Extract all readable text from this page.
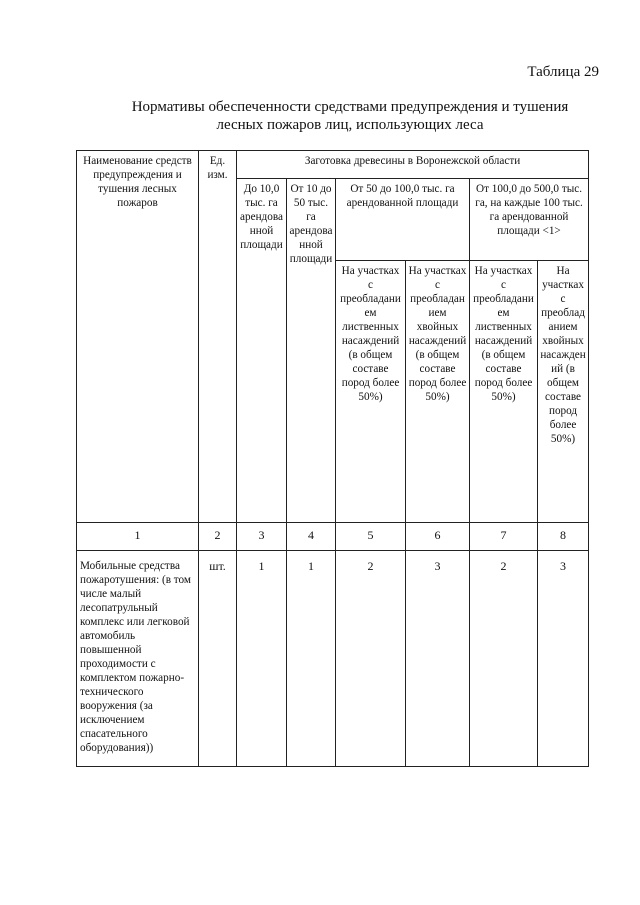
Таблица 29
Нормативы обеспеченности средствами предупреждения и тушения лесных пожаров лиц, использующих леса
Наименование средств предупреждения и тушения лесных пожаров	Ед. изм.	Заготовка древесины в Воронежской области					
		До 10,0 тыс. га арендованной площади	От 10 до 50 тыс. га арендованной площади	От 50 до 100,0 тыс. га арендованной площади		От 100,0 до 500,0 тыс. га, на каждые 100 тыс. га арендованной площади <1>	
				На участках с преобладанием лиственных насаждений (в общем составе пород более 50%)	На участках с преобладанием хвойных насаждений (в общем составе пород более 50%)	На участках с преобладанием лиственных насаждений (в общем составе пород более 50%)	На участках с преобладанием хвойных насаждений (в общем составе пород более 50%)
1	2	3	4	5	6	7	8
Мобильные средства пожаротушения: (в том числе малый лесопатрульный комплекс или легковой автомобиль повышенной проходимости с комплектом пожарно-технического вооружения (за исключением спасательного оборудования))	шт.	1	1	2	3	2	3
